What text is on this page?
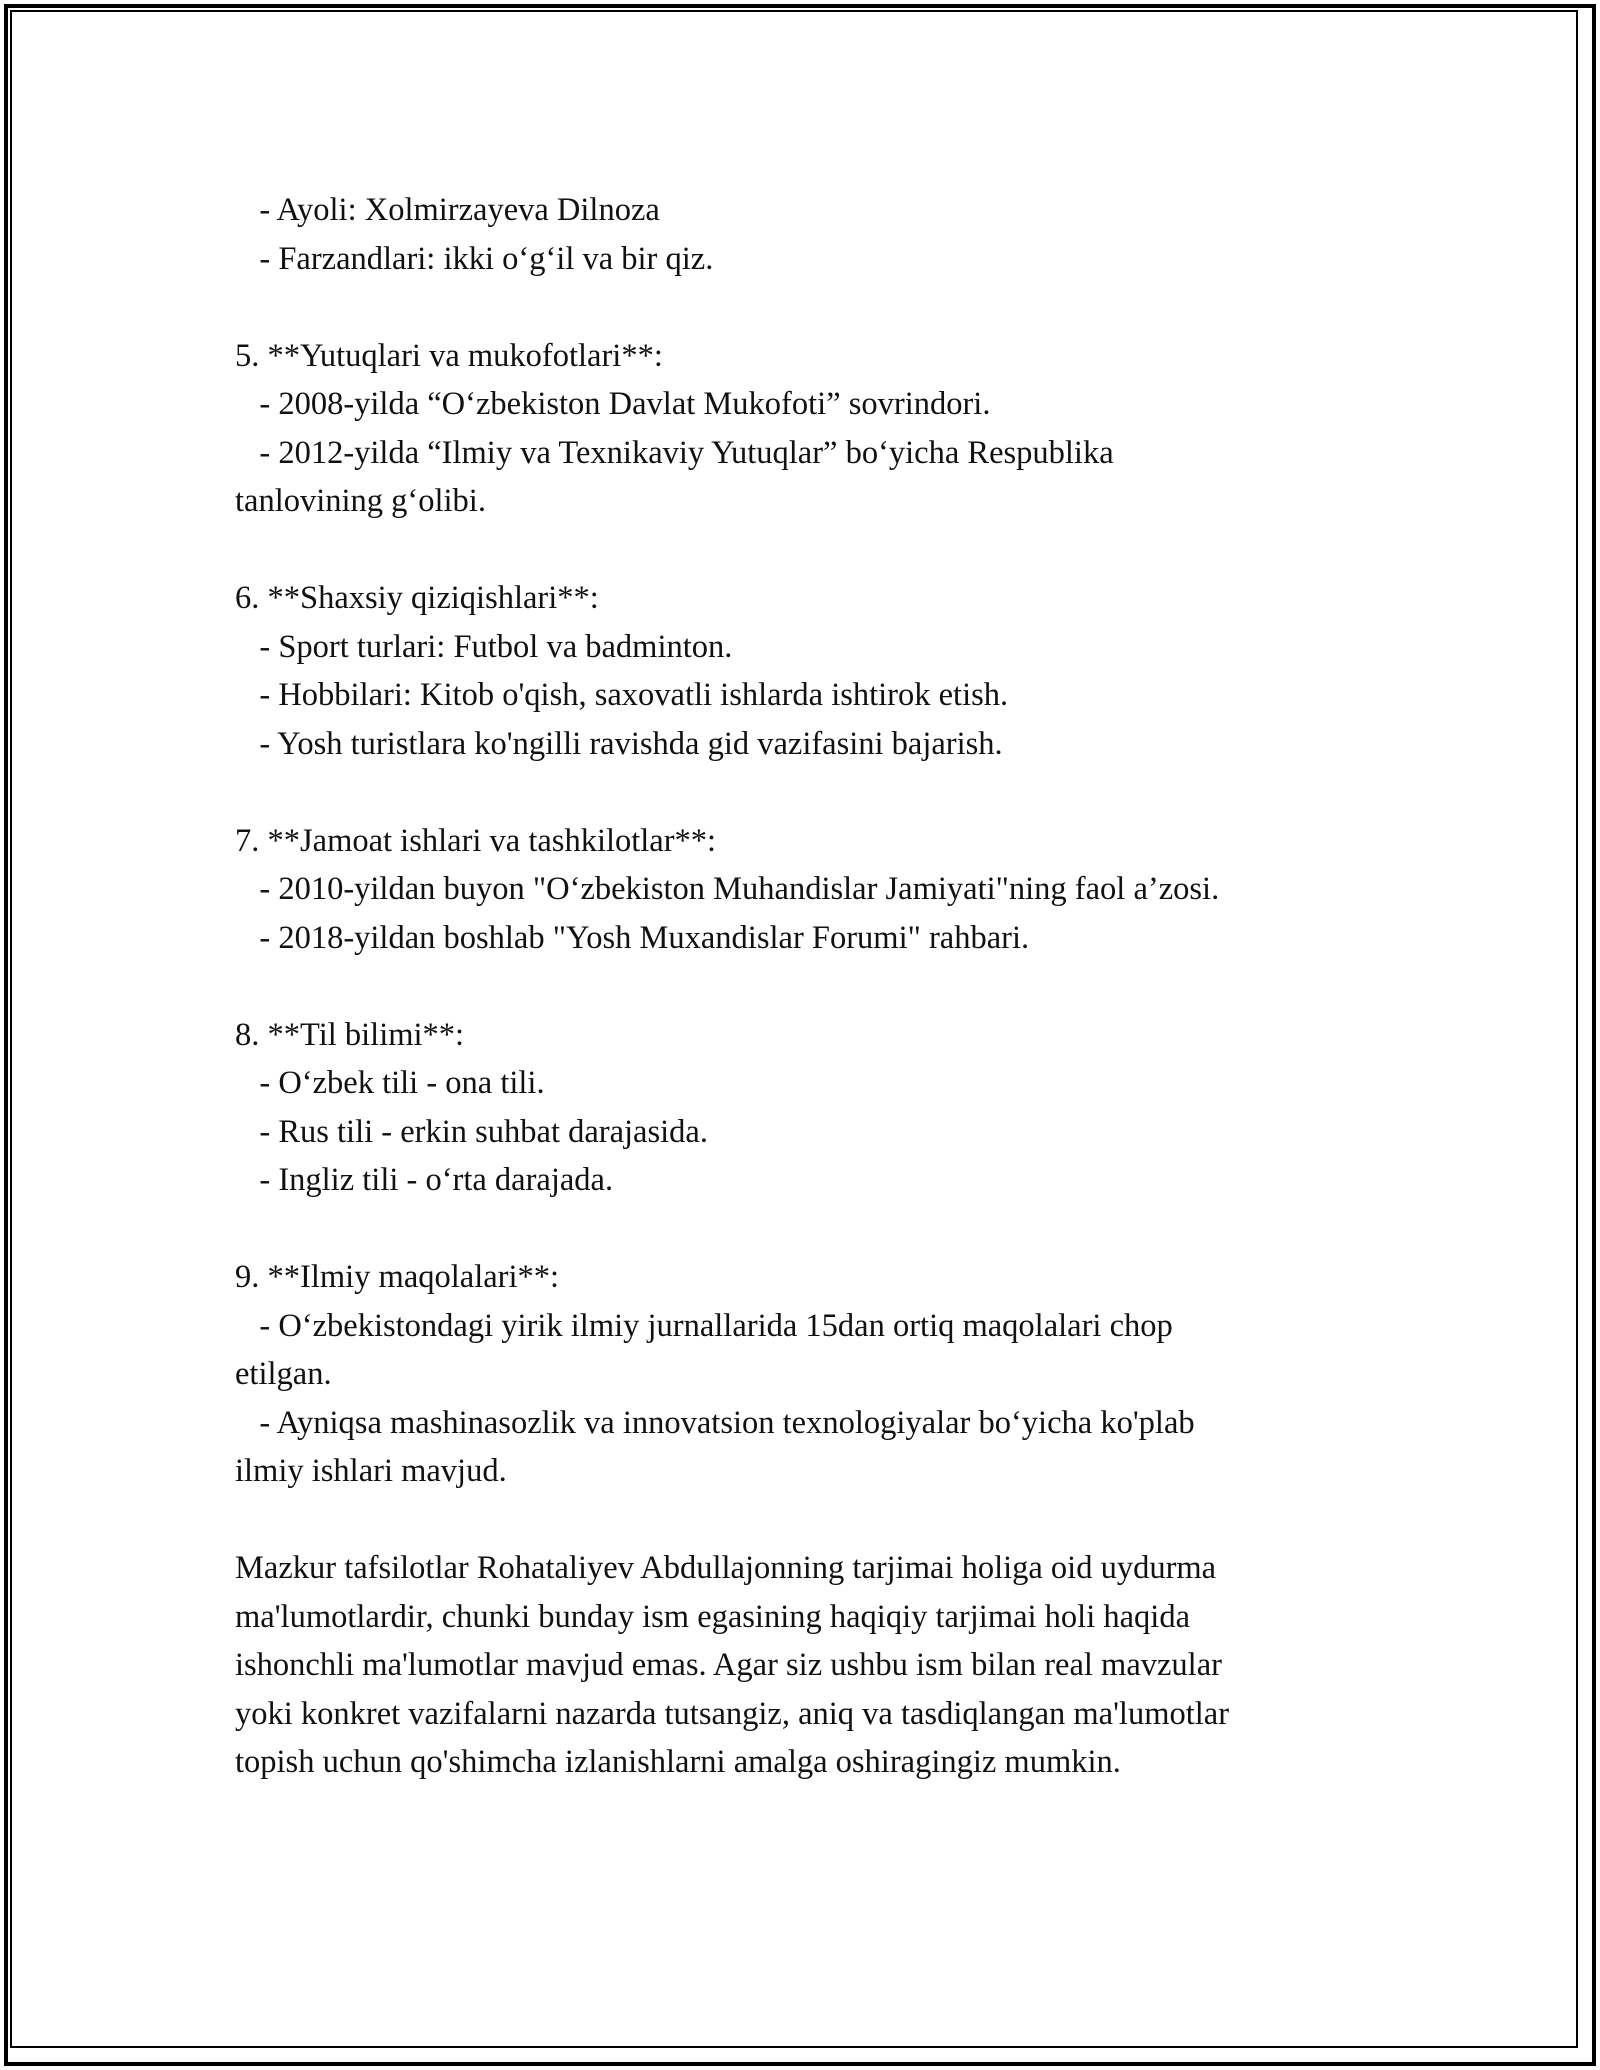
- Ayoli: Xolmirzayeva Dilnoza
- Farzandlari: ikki o‘g‘il va bir qiz.
5. **Yutuqlari va mukofotlari**:
- 2008-yilda “O‘zbekiston Davlat Mukofoti” sovrindori.
- 2012-yilda “Ilmiy va Texnikaviy Yutuqlar” bo‘yicha Respublika
tanlovining g‘olibi.
6. **Shaxsiy qiziqishlari**:
- Sport turlari: Futbol va badminton.
- Hobbilari: Kitob o'qish, saxovatli ishlarda ishtirok etish.
- Yosh turistlara ko'ngilli ravishda gid vazifasini bajarish.
7. **Jamoat ishlari va tashkilotlar**:
- 2010-yildan buyon "O‘zbekiston Muhandislar Jamiyati"ning faol a’zosi.
- 2018-yildan boshlab "Yosh Muxandislar Forumi" rahbari.
8. **Til bilimi**:
- O‘zbek tili - ona tili.
- Rus tili - erkin suhbat darajasida.
- Ingliz tili - o‘rta darajada.
9. **Ilmiy maqolalari**:
- O‘zbekistondagi yirik ilmiy jurnallarida 15dan ortiq maqolalari chop
etilgan.
- Ayniqsa mashinasozlik va innovatsion texnologiyalar bo‘yicha ko'plab
ilmiy ishlari mavjud.
Mazkur tafsilotlar Rohataliyev Abdullajonning tarjimai holiga oid uydurma
ma'lumotlardir, chunki bunday ism egasining haqiqiy tarjimai holi haqida
ishonchli ma'lumotlar mavjud emas. Agar siz ushbu ism bilan real mavzular
yoki konkret vazifalarni nazarda tutsangiz, aniq va tasdiqlangan ma'lumotlar
topish uchun qo'shimcha izlanishlarni amalga oshiragingiz mumkin.
